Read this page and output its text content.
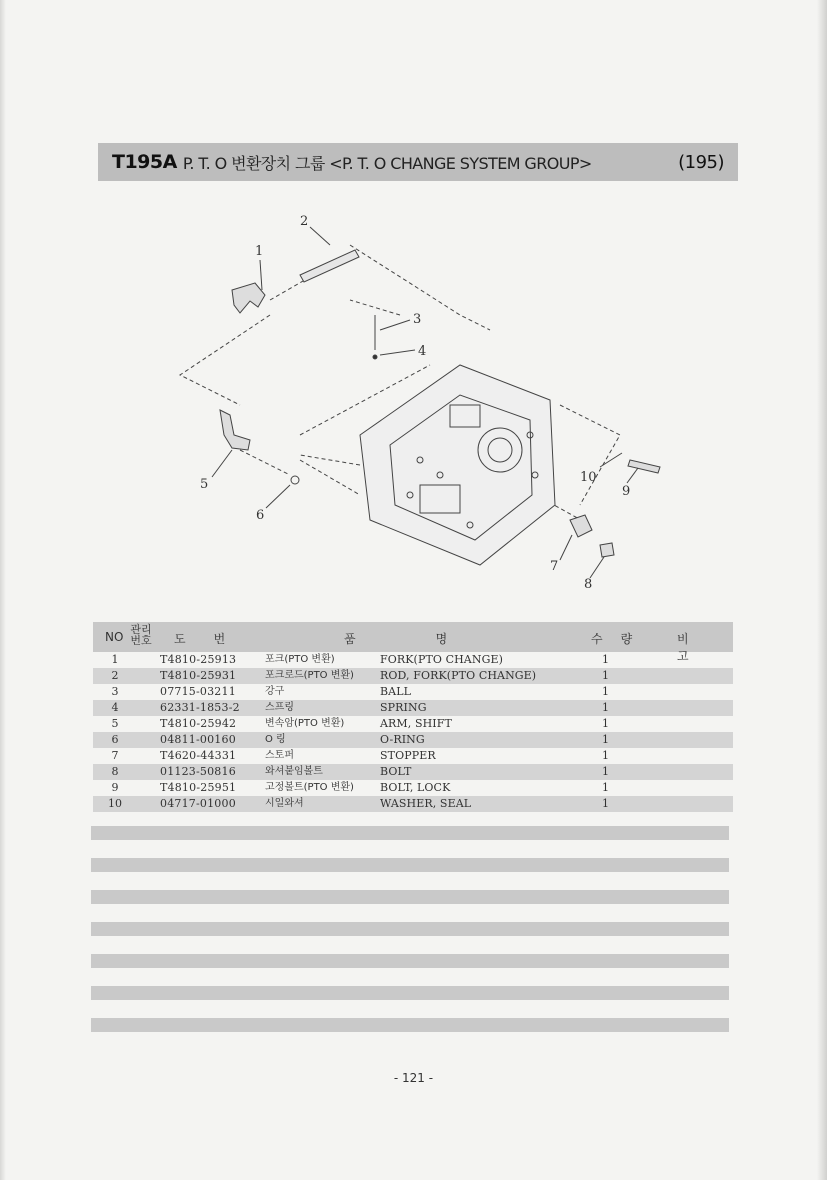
T195A P. T. O 변환장치 그룹 <P. T. O CHANGE SYSTEM GROUP>	(195)
1
2
3
4
5
6
7
8
9
10
NO
관리 번호 도번	품명	수량 비고
1	T4810-25913	포크(PTO 변환)	FORK(PTO CHANGE)	1
2	T4810-25931	포크로드(PTO 변환) ROD, FORK(PTO CHANGE)	1
3	07715-03211	강구	BALL	1
4	62331-1853-2	스프링	SPRING	1
5	T4810-25942	변속암(PTO 변환)	ARM, SHIFT	1
6	04811-00160	O 링	O-RING	1
7	T4620-44331	스토퍼	STOPPER	1
8	01123-50816	와셔붙임볼트	BOLT	1
9	T4810-25951	고정볼트(PTO 변환) BOLT, LOCK	1
10	04717-01000	시일와셔	WASHER, SEAL	1
- 121 -
